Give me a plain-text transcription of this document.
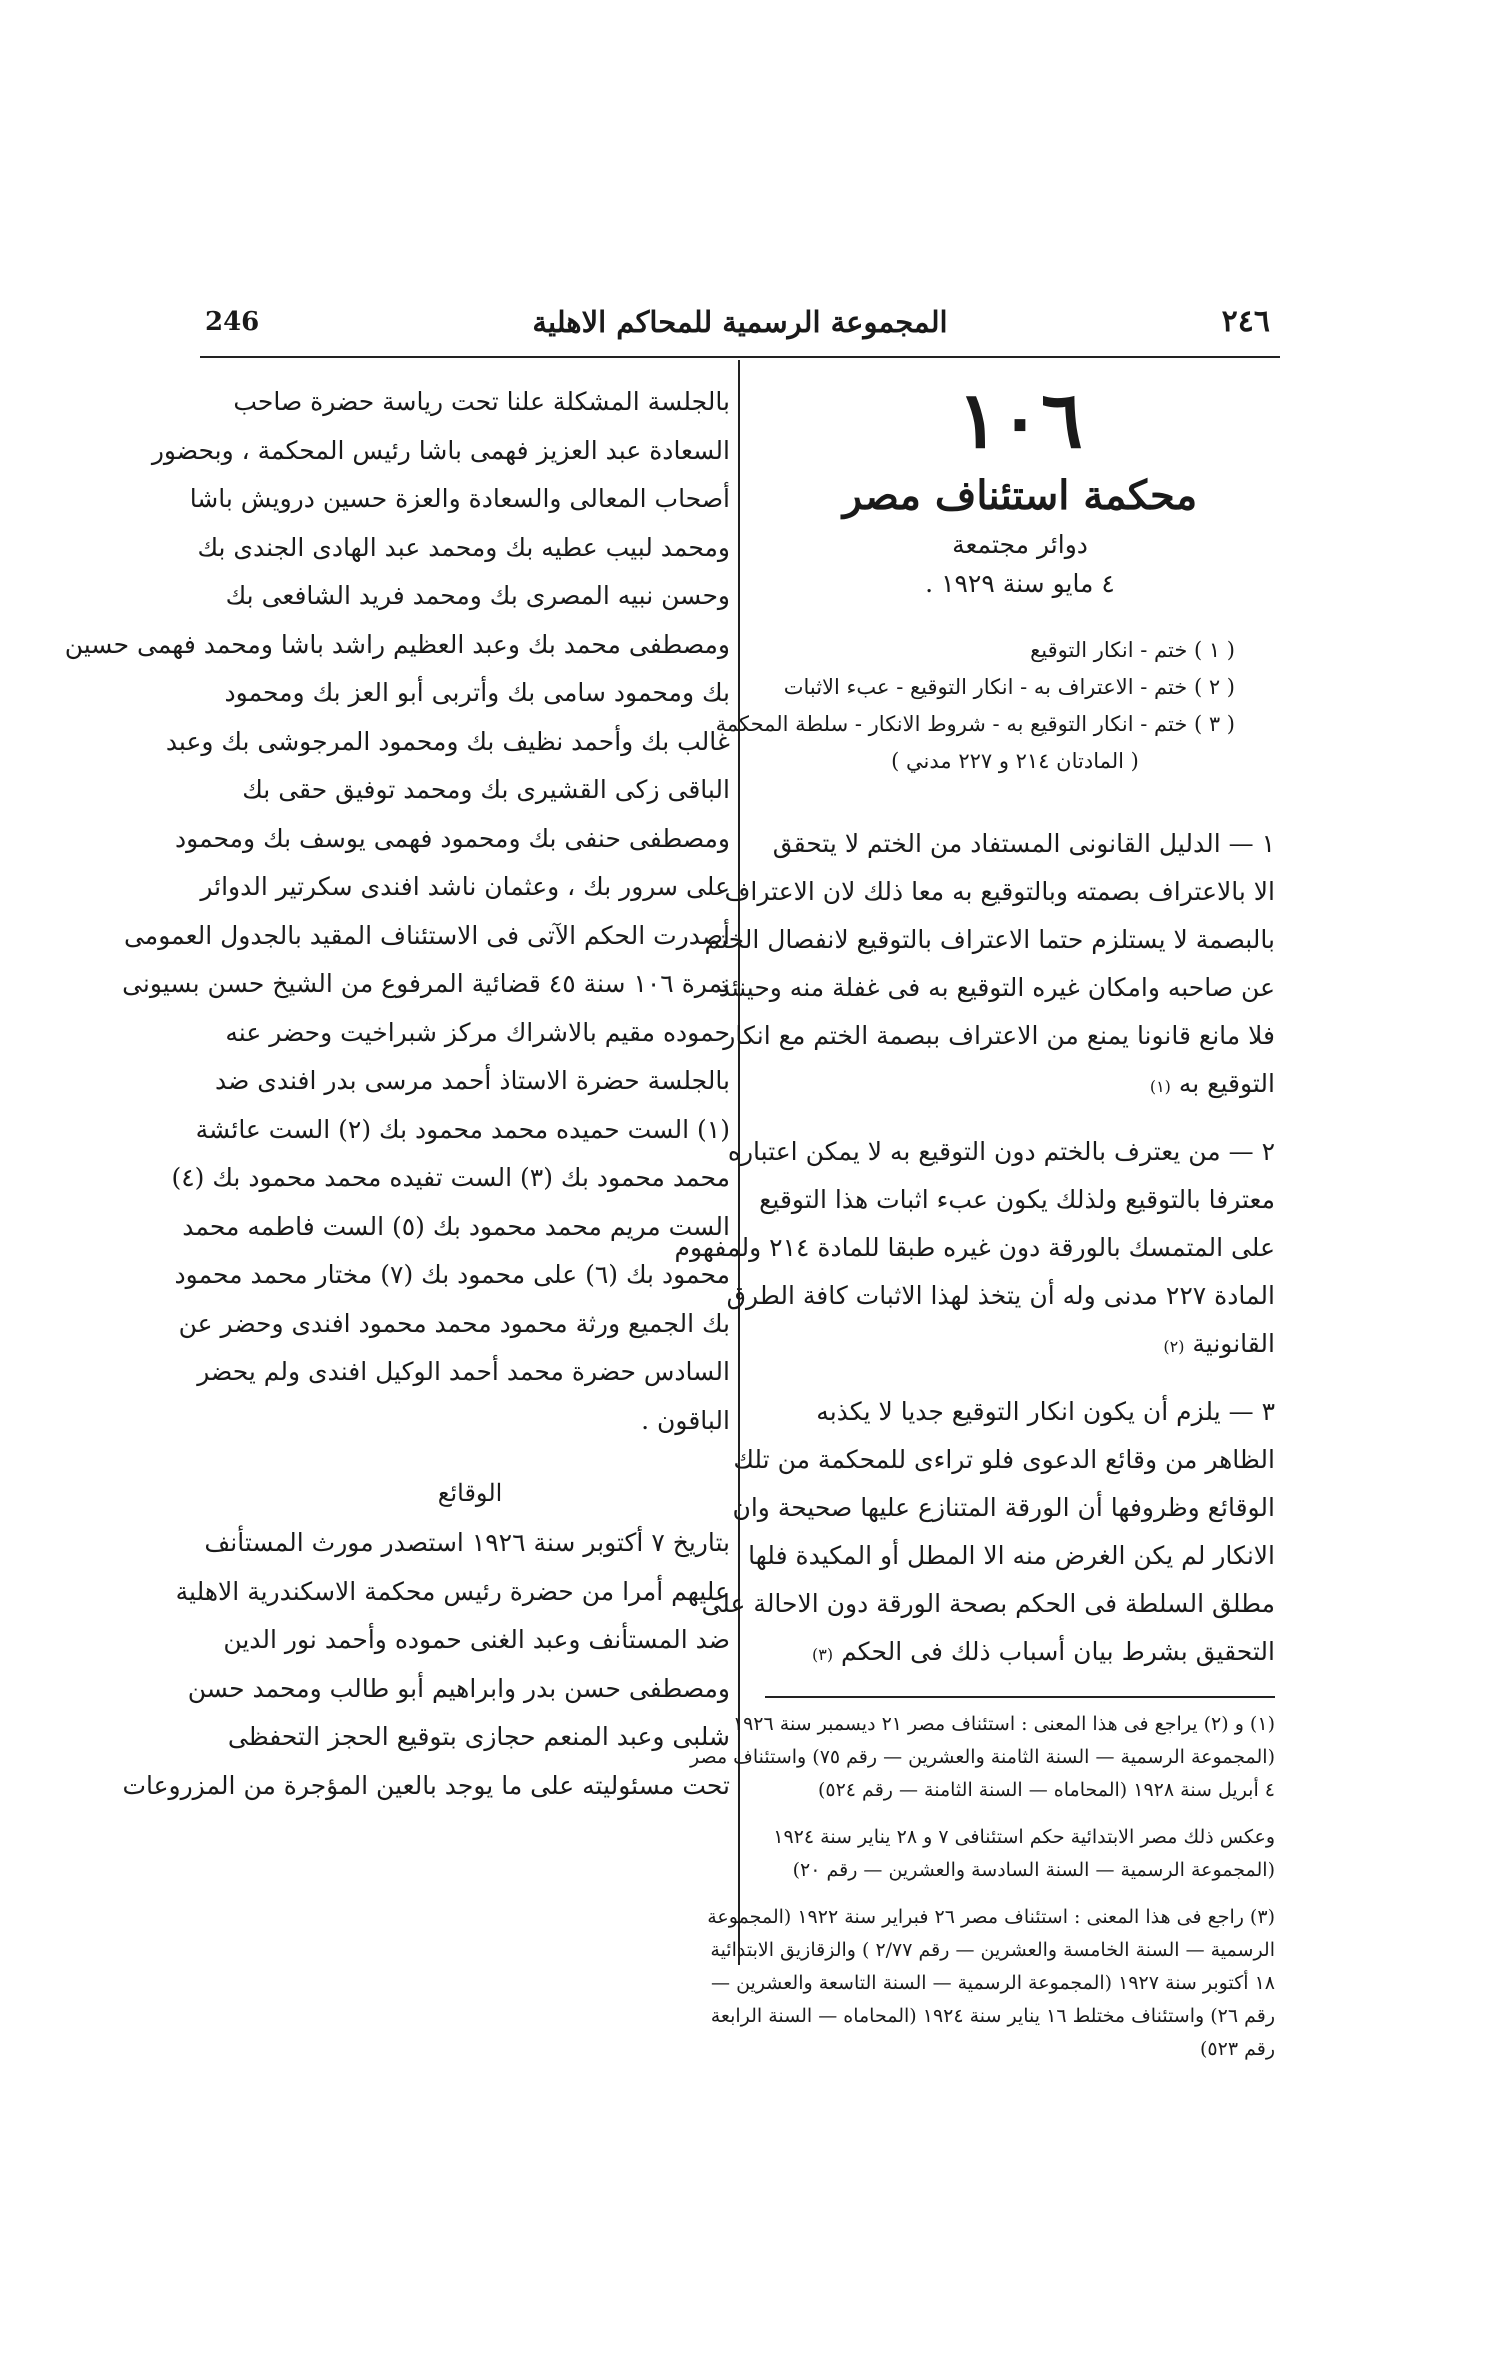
246	المجموعة الرسمية للمحاكم الاهلية	٢٤٦
بالجلسة المشكلة علنا تحت رياسة حضرة صاحب
السعادة عبد العزيز فهمى باشا رئيس المحكمة ، وبحضور
أصحاب المعالى والسعادة والعزة حسين درويش باشا
ومحمد لبيب عطيه بك ومحمد عبد الهادى الجندى بك
وحسن نبيه المصرى بك ومحمد فريد الشافعى بك
ومصطفى محمد بك وعبد العظيم راشد باشا ومحمد فهمى حسين
بك ومحمود سامى بك وأتربى أبو العز بك ومحمود
غالب بك وأحمد نظيف بك ومحمود المرجوشى بك وعبد
الباقى زكى القشيرى بك ومحمد توفيق حقى بك
ومصطفى حنفى بك ومحمود فهمى يوسف بك ومحمود
على سرور بك ، وعثمان ناشد افندى سكرتير الدوائر
أصدرت الحكم الآتى فى الاستئناف المقيد بالجدول العمومى
نمرة ١٠٦ سنة ٤٥ قضائية المرفوع من الشيخ حسن بسيونى
حموده مقيم بالاشراك مركز شبراخيت وحضر عنه
بالجلسة حضرة الاستاذ أحمد مرسى بدر افندى ضد
(١) الست حميده محمد محمود بك (٢) الست عائشة
محمد محمود بك (٣) الست تفيده محمد محمود بك (٤)
الست مريم محمد محمود بك (٥) الست فاطمه محمد
محمود بك (٦) على محمود بك (٧) مختار محمد محمود
بك الجميع ورثة محمود محمد محمود افندى وحضر عن
السادس حضرة محمد أحمد الوكيل افندى ولم يحضر
الباقون .
الوقائع
بتاريخ ٧ أكتوبر سنة ١٩٢٦ استصدر مورث المستأنف
عليهم أمرا من حضرة رئيس محكمة الاسكندرية الاهلية
ضد المستأنف وعبد الغنى حموده وأحمد نور الدين
ومصطفى حسن بدر وابراهيم أبو طالب ومحمد حسن
شلبى وعبد المنعم حجازى بتوقيع الحجز التحفظى
تحت مسئوليته على ما يوجد بالعين المؤجرة من المزروعات
١٠٦
محكمة استئناف مصر
دوائر مجتمعة
٤ مايو سنة ١٩٢٩ .
( ١ ) ختم - انكار التوقيع
( ٢ ) ختم - الاعتراف به - انكار التوقيع - عبء الاثبات
( ٣ ) ختم - انكار التوقيع به - شروط الانكار - سلطة المحكمة
( المادتان ٢١٤ و ٢٢٧ مدني )
١ — الدليل القانونى المستفاد من الختم لا يتحقق
الا بالاعتراف بصمته وبالتوقيع به معا ذلك لان الاعتراف
بالبصمة لا يستلزم حتما الاعتراف بالتوقيع لانفصال الختم
عن صاحبه وامكان غيره التوقيع به فى غفلة منه وحينئذ
فلا مانع قانونا يمنع من الاعتراف ببصمة الختم مع انكار
التوقيع به (١)
٢ — من يعترف بالختم دون التوقيع به لا يمكن اعتباره
معترفا بالتوقيع ولذلك يكون عبء اثبات هذا التوقيع
على المتمسك بالورقة دون غيره طبقا للمادة ٢١٤ ولمفهوم
المادة ٢٢٧ مدنى وله أن يتخذ لهذا الاثبات كافة الطرق
القانونية (٢)
٣ — يلزم أن يكون انكار التوقيع جديا لا يكذبه
الظاهر من وقائع الدعوى فلو تراءى للمحكمة من تلك
الوقائع وظروفها أن الورقة المتنازع عليها صحيحة وان
الانكار لم يكن الغرض منه الا المطل أو المكيدة فلها
مطلق السلطة فى الحكم بصحة الورقة دون الاحالة على
التحقيق بشرط بيان أسباب ذلك فى الحكم (٣)
(١) و (٢) يراجع فى هذا المعنى : استئناف مصر ٢١ ديسمبر سنة ١٩٢٦
(المجموعة الرسمية — السنة الثامنة والعشرين — رقم ٧٥) واستئناف مصر
٤ أبريل سنة ١٩٢٨ (المحاماه — السنة الثامنة — رقم ٥٢٤)
وعكس ذلك مصر الابتدائية حكم استئنافى ٧ و ٢٨ يناير سنة ١٩٢٤
(المجموعة الرسمية — السنة السادسة والعشرين — رقم ٢٠)
(٣) راجع فى هذا المعنى : استئناف مصر ٢٦ فبراير سنة ١٩٢٢ (المجموعة
الرسمية — السنة الخامسة والعشرين — رقم ٢/٧٧ ) والزقازيق الابتدائية
١٨ أكتوبر سنة ١٩٢٧ (المجموعة الرسمية — السنة التاسعة والعشرين —
رقم ٢٦) واستئناف مختلط ١٦ يناير سنة ١٩٢٤ (المحاماه — السنة الرابعة
رقم ٥٢٣)
